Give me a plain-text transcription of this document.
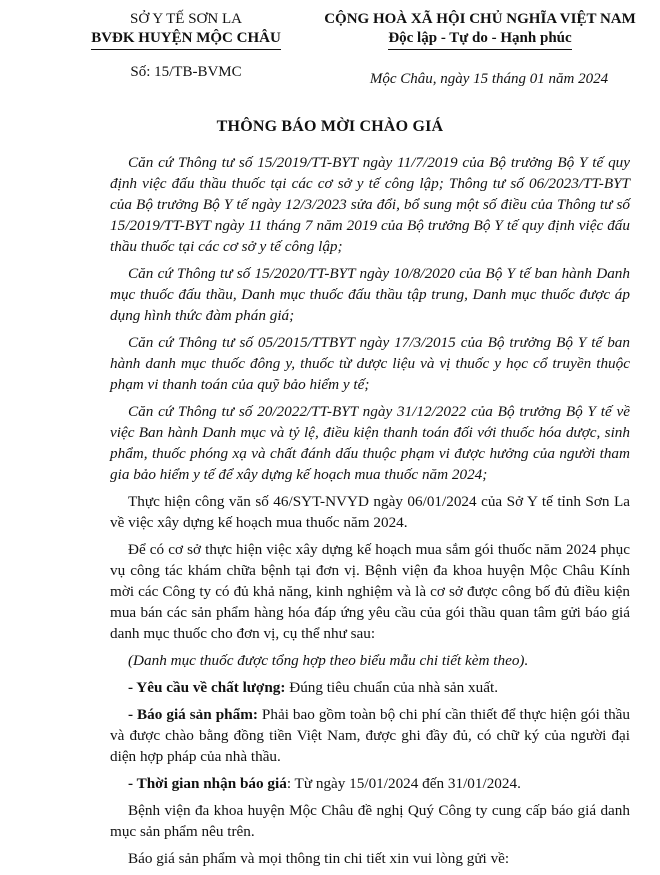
SỞ Y TẾ SƠN LA
BVĐK HUYỆN MỘC CHÂU
Số: 15/TB-BVMC
CỘNG HOÀ XÃ HỘI CHỦ NGHĨA VIỆT NAM
Độc lập - Tự do - Hạnh phúc
Mộc Châu, ngày 15 tháng 01 năm 2024
THÔNG BÁO MỜI CHÀO GIÁ

Căn cứ Thông tư số 15/2019/TT-BYT ngày 11/7/2019 của Bộ trưởng Bộ Y tế quy định việc đấu thầu thuốc tại các cơ sở y tế công lập; Thông tư số 06/2023/TT-BYT của Bộ trưởng Bộ Y tế ngày 12/3/2023 sửa đổi, bổ sung một số điều của Thông tư số 15/2019/TT-BYT ngày 11 tháng 7 năm 2019 của Bộ trưởng Bộ Y tế quy định việc đấu thầu thuốc tại các cơ sở y tế công lập;

Căn cứ Thông tư số 15/2020/TT-BYT ngày 10/8/2020 của Bộ Y tế ban hành Danh mục thuốc đấu thầu, Danh mục thuốc đấu thầu tập trung, Danh mục thuốc được áp dụng hình thức đàm phán giá;

Căn cứ Thông tư số 05/2015/TTBYT ngày 17/3/2015 của Bộ trưởng Bộ Y tế ban hành danh mục thuốc đông y, thuốc từ dược liệu và vị thuốc y học cổ truyền thuộc phạm vi thanh toán của quỹ bảo hiểm y tế;

Căn cứ Thông tư số 20/2022/TT-BYT ngày 31/12/2022 của Bộ trưởng Bộ Y tế về việc Ban hành Danh mục và tỷ lệ, điều kiện thanh toán đối với thuốc hóa dược, sinh phẩm, thuốc phóng xạ và chất đánh dấu thuộc phạm vi được hưởng của người tham gia bảo hiểm y tế để xây dựng kế hoạch mua thuốc năm 2024;

Thực hiện công văn số 46/SYT-NVYD ngày 06/01/2024 của Sở Y tế tỉnh Sơn La về việc xây dựng kế hoạch mua thuốc năm 2024.

Để có cơ sở thực hiện việc xây dựng kế hoạch mua sắm gói thuốc năm 2024 phục vụ công tác khám chữa bệnh tại đơn vị. Bệnh viện đa khoa huyện Mộc Châu Kính mời các Công ty có đủ khả năng, kinh nghiệm và là cơ sở được công bố đủ điều kiện mua bán các sản phẩm hàng hóa đáp ứng yêu cầu của gói thầu quan tâm gửi báo giá danh mục thuốc cho đơn vị, cụ thể như sau:

(Danh mục thuốc được tổng hợp theo biểu mẫu chi tiết kèm theo).

- Yêu cầu về chất lượng: Đúng tiêu chuẩn của nhà sản xuất.

- Báo giá sản phẩm: Phải bao gồm toàn bộ chi phí cần thiết để thực hiện gói thầu và được chào bằng đồng tiền Việt Nam, được ghi đầy đủ, có chữ ký của người đại diện hợp pháp của nhà thầu.

- Thời gian nhận báo giá: Từ ngày 15/01/2024 đến 31/01/2024.

Bệnh viện đa khoa huyện Mộc Châu đề nghị Quý Công ty cung cấp báo giá danh mục sản phẩm nêu trên.

Báo giá sản phẩm và mọi thông tin chi tiết xin vui lòng gửi về:
